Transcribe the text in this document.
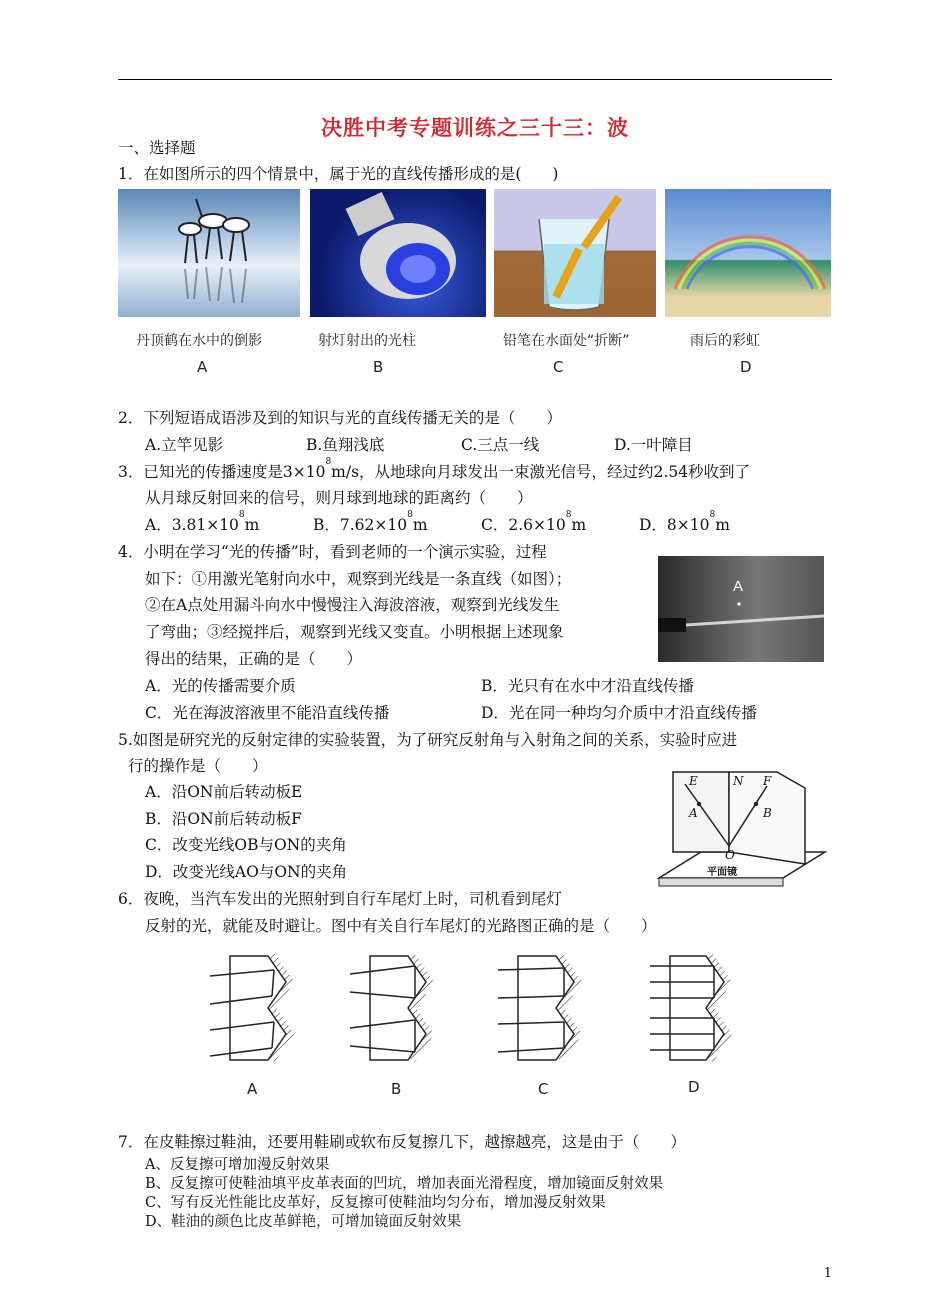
决胜中考专题训练之三十三：波
一、选择题
1．在如图所示的四个情景中，属于光的直线传播形成的是(　　)
丹顶鹤在水中的倒影	射灯射出的光柱	铅笔在水面处“折断”	雨后的彩虹
A	B	C	D
2．下列短语成语涉及到的知识与光的直线传播无关的是（　　）
A.立竿见影	B.鱼翔浅底	C.三点一线	D.一叶障目
3．已知光的传播速度是$3\times 10^8m/s$，从地球向月球发出一束激光信号，经过约2.54秒收到了
从月球反射回来的信号，则月球到地球的距离约（　　）
A．$3.81\times 10^8m$	B．$7.62\times 10^8m$	C．$2.6\times 10^8m$	D．$8\times 10^8m$
4．小明在学习“光的传播”时，看到老师的一个演示实验，过程
如下：①用激光笔射向水中，观察到光线是一条直线（如图）；
②在A点处用漏斗向水中慢慢注入海波溶液，观察到光线发生
了弯曲；③经搅拌后，观察到光线又变直。小明根据上述现象
得出的结果，正确的是（　　）
A
A．光的传播需要介质	B．光只有在水中才沿直线传播
C．光在海波溶液里不能沿直线传播	D．光在同一种均匀介质中才沿直线传播
5.如图是研究光的反射定律的实验装置，为了研究反射角与入射角之间的关系，实验时应进
行的操作是（　　）
A．沿ON前后转动板E
B．沿ON前后转动板F
C．改变光线OB与ON的夹角
D．改变光线AO与ON的夹角
E	N F
A	B
O
平面镜
6．夜晚，当汽车发出的光照射到自行车尾灯上时，司机看到尾灯
反射的光，就能及时避让。图中有关自行车尾灯的光路图正确的是（　　）
A	B	C	D
7．在皮鞋擦过鞋油，还要用鞋刷或软布反复擦几下，越擦越亮，这是由于（　　）
A、反复擦可增加漫反射效果
B、反复擦可使鞋油填平皮革表面的凹坑，增加表面光滑程度，增加镜面反射效果
C、写有反光性能比皮革好，反复擦可使鞋油均匀分布，增加漫反射效果
D、鞋油的颜色比皮革鲜艳，可增加镜面反射效果
1
